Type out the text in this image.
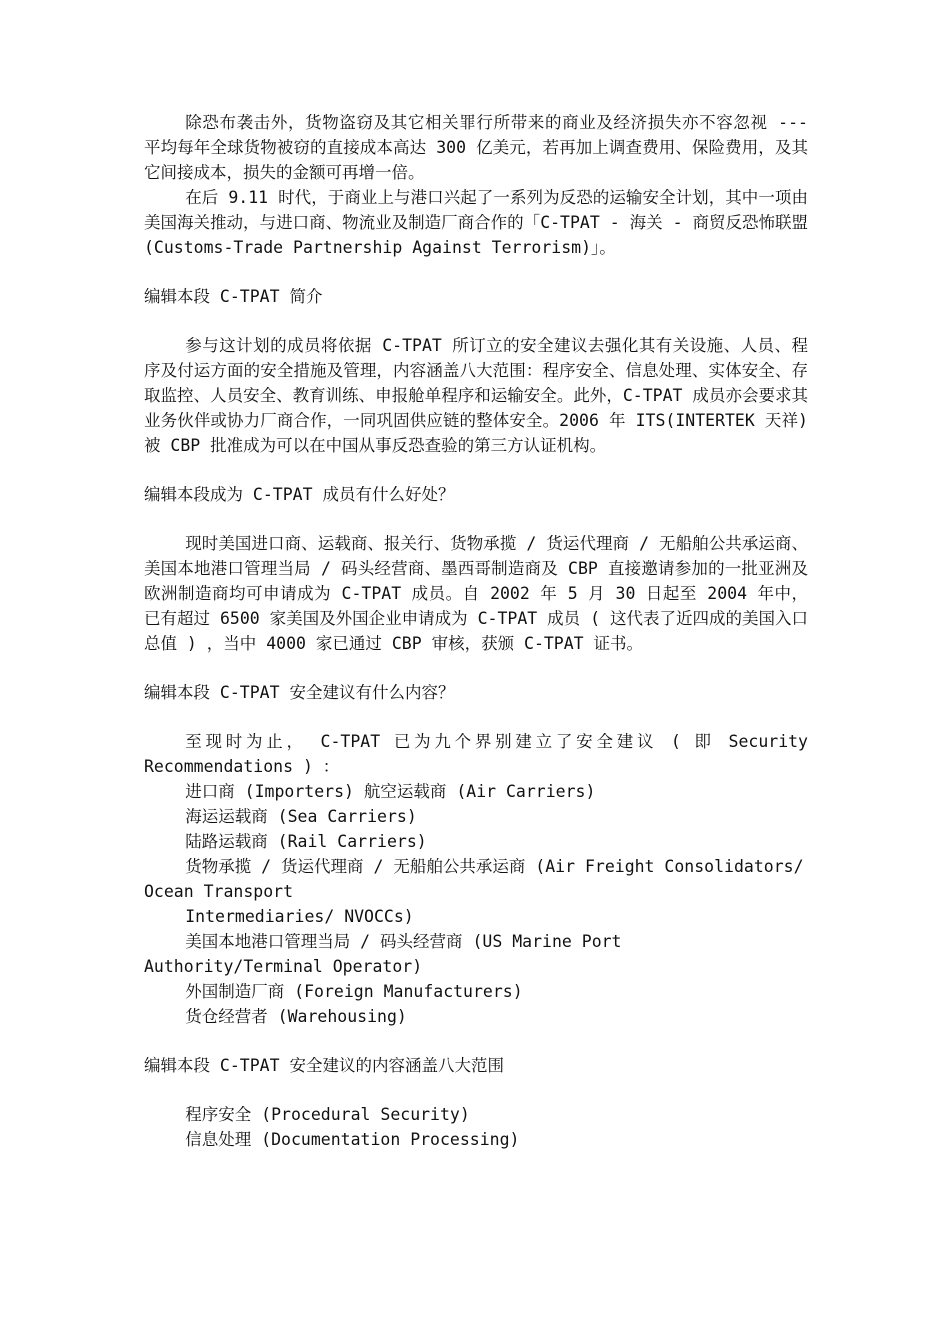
除恐布袭击外，货物盗窃及其它相关罪行所带来的商业及经济损失亦不容忽视 --- 平均每年全球货物被窃的直接成本高达 300 亿美元，若再加上调查费用、保险费用，及其它间接成本，损失的金额可再增一倍。

在后 9.11 时代，于商业上与港口兴起了一系列为反恐的运输安全计划，其中一项由美国海关推动，与进口商、物流业及制造厂商合作的「C-TPAT - 海关 - 商贸反恐怖联盟 (Customs-Trade Partnership Against Terrorism)」。

编辑本段 C-TPAT 简介

参与这计划的成员将依据 C-TPAT 所订立的安全建议去强化其有关设施、人员、程序及付运方面的安全措施及管理，内容涵盖八大范围：程序安全、信息处理、实体安全、存取监控、人员安全、教育训练、申报舱单程序和运输安全。此外，C-TPAT 成员亦会要求其业务伙伴或协力厂商合作，一同巩固供应链的整体安全。2006 年 ITS(INTERTEK 天祥)被 CBP 批准成为可以在中国从事反恐查验的第三方认证机构。

编辑本段成为 C-TPAT 成员有什么好处？

现时美国进口商、运载商、报关行、货物承揽 / 货运代理商 / 无船舶公共承运商、美国本地港口管理当局 / 码头经营商、墨西哥制造商及 CBP 直接邀请参加的一批亚洲及欧洲制造商均可申请成为 C-TPAT 成员。自 2002 年 5 月 30 日起至 2004 年中，已有超过 6500 家美国及外国企业申请成为 C-TPAT 成员 ( 这代表了近四成的美国入口总值 ) ，当中 4000 家已通过 CBP 审核，获颁 C-TPAT 证书。

编辑本段 C-TPAT 安全建议有什么内容？

至现时为止， C-TPAT 已为九个界别建立了安全建议 ( 即 Security Recommendations ) ：

进口商 (Importers) 航空运载商 (Air Carriers)
海运运载商 (Sea Carriers)
陆路运载商 (Rail Carriers)
货物承揽 / 货运代理商 / 无船舶公共承运商 (Air Freight Consolidators/ Ocean Transport
Intermediaries/ NVOCCs)
美国本地港口管理当局 / 码头经营商 (US Marine Port Authority/Terminal Operator)
外国制造厂商 (Foreign Manufacturers)
货仓经营者 (Warehousing)
编辑本段 C-TPAT 安全建议的内容涵盖八大范围
程序安全 (Procedural Security)
信息处理 (Documentation Processing)
